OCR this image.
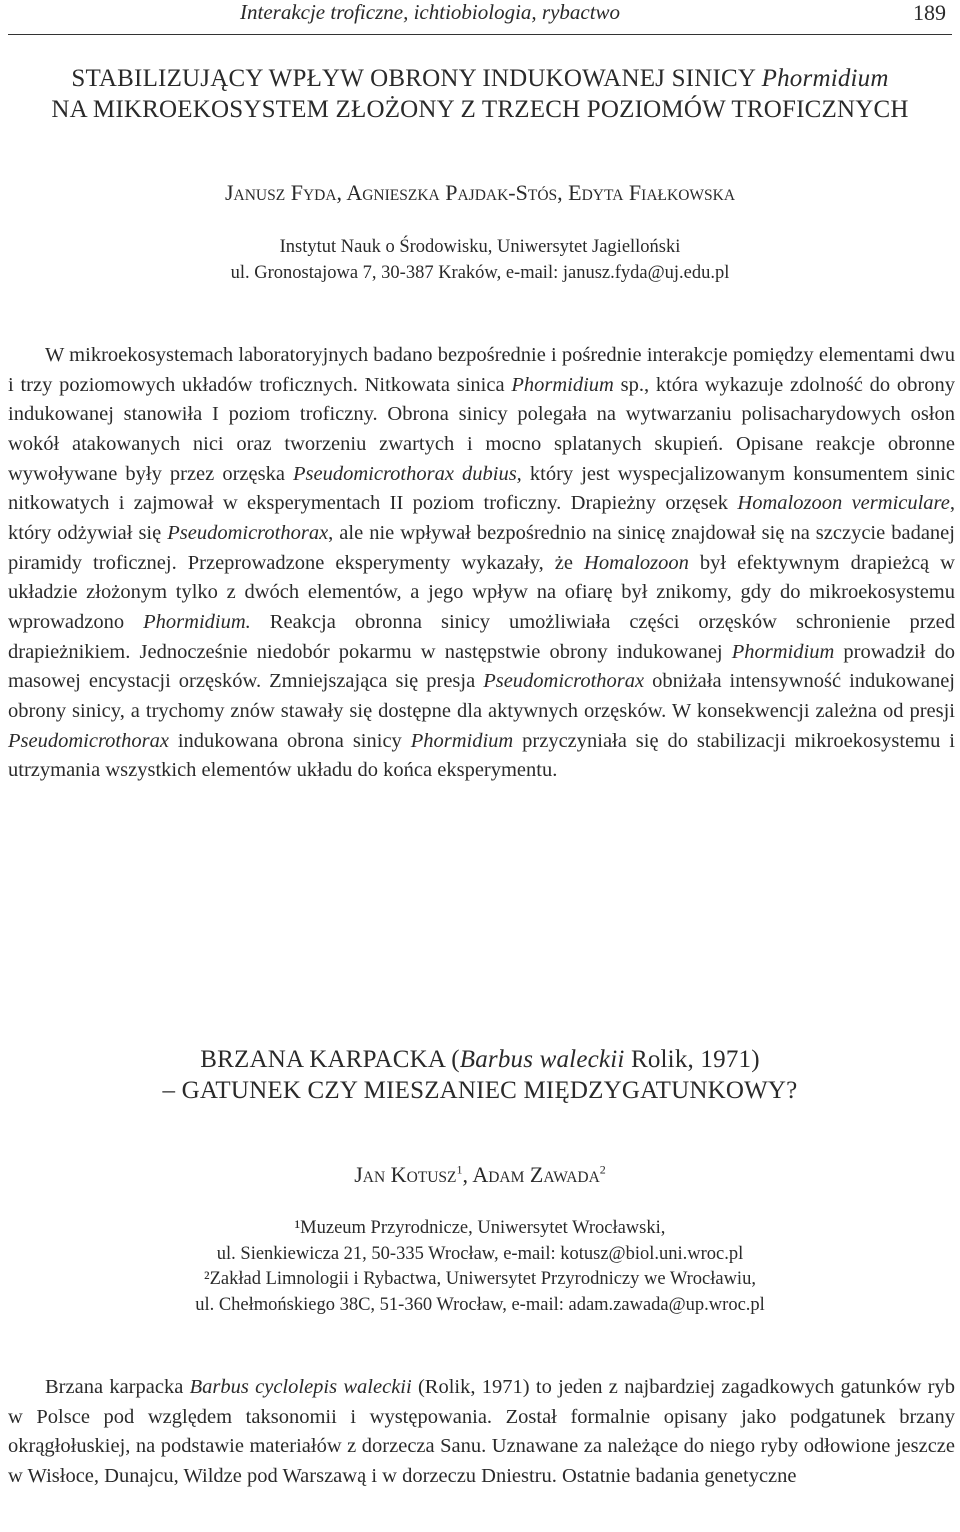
Interakcje troficzne, ichtiobiologia, rybactwo	189
STABILIZUJĄCY WPŁYW OBRONY INDUKOWANEJ SINICY Phormidium
NA MIKROEKOSYSTEM ZŁOŻONY Z TRZECH POZIOMÓW TROFICZNYCH
JANUSZ FYDA, AGNIESZKA PAJDAK-STÓS, EDYTA FIAŁKOWSKA
Instytut Nauk o Środowisku, Uniwersytet Jagielloński
ul. Gronostajowa 7, 30-387 Kraków, e-mail: janusz.fyda@uj.edu.pl

W mikroekosystemach laboratoryjnych badano bezpośrednie i pośrednie interakcje pomiędzy elementami dwu i trzy poziomowych układów troficznych. Nitkowata sinica Phormidium sp., która wykazuje zdolność do obrony indukowanej stanowiła I poziom troficzny. Obrona sinicy polegała na wytwarzaniu polisacharydowych osłon wokół atakowanych nici oraz tworzeniu zwartych i mocno splatanych skupień. Opisane reakcje obronne wywoływane były przez orzęska Pseudomicrothorax dubius, który jest wyspecjalizowanym konsumentem sinic nitkowatych i zajmował w eksperymentach II poziom troficzny. Drapieżny orzęsek Homalozoon vermiculare, który odżywiał się Pseudomicrothorax, ale nie wpływał bezpośrednio na sinicę znajdował się na szczycie badanej piramidy troficznej. Przeprowadzone eksperymenty wykazały, że Homalozoon był efektywnym drapieżcą w układzie złożonym tylko z dwóch elementów, a jego wpływ na ofiarę był znikomy, gdy do mikroekosystemu wprowadzono Phormidium. Reakcja obronna sinicy umożliwiała części orzęsków schronienie przed drapieżnikiem. Jednocześnie niedobór pokarmu w następstwie obrony indukowanej Phormidium prowadził do masowej encystacji orzęsków. Zmniejszająca się presja Pseudomicrothorax obniżała intensywność indukowanej obrony sinicy, a trychomy znów stawały się dostępne dla aktywnych orzęsków. W konsekwencji zależna od presji Pseudomicrothorax indukowana obrona sinicy Phormidium przyczyniała się do stabilizacji mikroekosystemu i utrzymania wszystkich elementów układu do końca eksperymentu.

BRZANA KARPACKA (Barbus waleckii Rolik, 1971)
– GATUNEK CZY MIESZANIEC MIĘDZYGATUNKOWY?
JAN KOTUSZ$^1$, ADAM ZAWADA$^2$
¹Muzeum Przyrodnicze, Uniwersytet Wrocławski,
ul. Sienkiewicza 21, 50-335 Wrocław, e-mail: kotusz@biol.uni.wroc.pl
²Zakład Limnologii i Rybactwa, Uniwersytet Przyrodniczy we Wrocławiu,
ul. Chełmońskiego 38C, 51-360 Wrocław, e-mail: adam.zawada@up.wroc.pl

Brzana karpacka Barbus cyclolepis waleckii (Rolik, 1971) to jeden z najbardziej zagadkowych gatunków ryb w Polsce pod względem taksonomii i występowania. Został formalnie opisany jako podgatunek brzany okrągłołuskiej, na podstawie materiałów z dorzecza Sanu. Uznawane za należące do niego ryby odłowione jeszcze w Wisłoce, Dunajcu, Wildze pod Warszawą i w dorzeczu Dniestru. Ostatnie badania genetyczne
